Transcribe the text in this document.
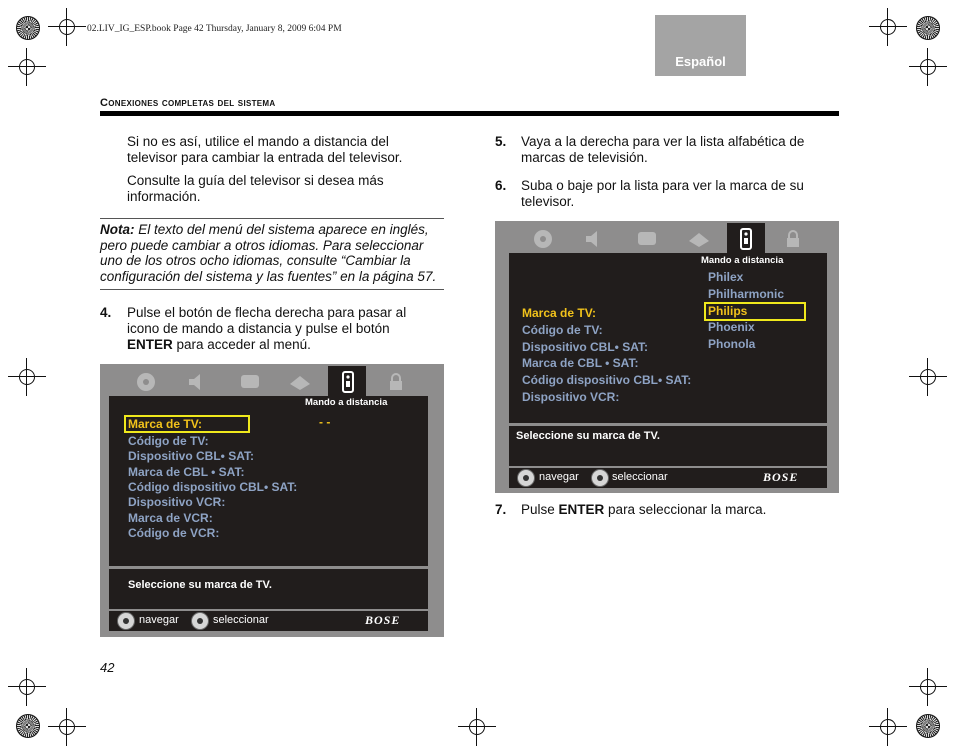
02.LIV_IG_ESP.book Page 42 Thursday, January 8, 2009 6:04 PM
Español
Conexiones completas del sistema
Si no es así, utilice el mando a distancia del televisor para cambiar la entrada del televisor.
Consulte la guía del televisor si desea más información.
Nota: El texto del menú del sistema aparece en inglés, pero puede cambiar a otros idiomas. Para seleccionar uno de los otros ocho idiomas, consulte “Cambiar la configuración del sistema y las fuentes” en la página 57.
4. Pulse el botón de flecha derecha para pasar al icono de mando a distancia y pulse el botón ENTER para acceder al menú.
Mando a distancia
Marca de TV:	- -
Código de TV:
Dispositivo CBL• SAT:
Marca de CBL • SAT:
Código dispositivo CBL• SAT:
Dispositivo VCR:
Marca de VCR:
Código de VCR:
Seleccione su marca de TV.
navegar	seleccionar	BOSE
5. Vaya a la derecha para ver la lista alfabética de marcas de televisión.
6. Suba o baje por la lista para ver la marca de su televisor.
Mando a distancia
Marca de TV:
Código de TV:
Dispositivo CBL• SAT:
Marca de CBL • SAT:
Código dispositivo CBL• SAT:
Dispositivo VCR:
Philex
Philharmonic
Philips
Phoenix
Phonola
Seleccione su marca de TV.
navegar	seleccionar	BOSE
7. Pulse ENTER para seleccionar la marca.
42
